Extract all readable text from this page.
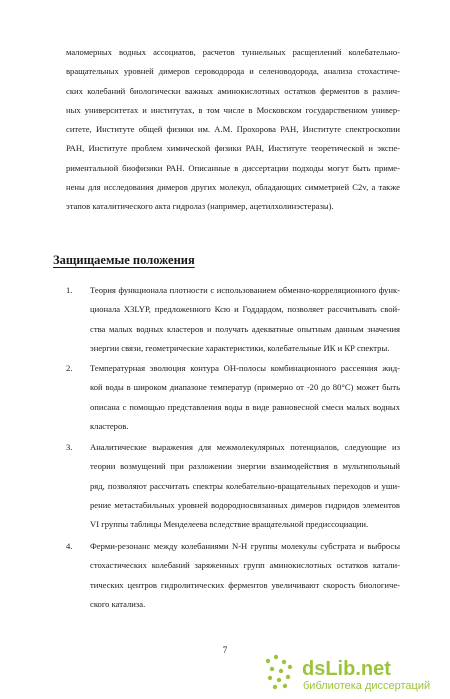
маломерных водных ассоциатов, расчетов туннельных расщеплений колебательно-
вращательных уровней димеров сероводорода и селеноводорода, анализа стохастиче-
ских колебаний биологически важных аминокислотных остатков ферментов в различ-
ных университетах и институтах, в том числе в Московском государственном универ-
ситете, Институте общей физики им. А.М. Прохорова РАН, Институте спектроскопии
РАН, Институте проблем химической физики РАН, Институте теоретической и экспе-
риментальной биофизики РАН. Описанные в диссертации подходы могут быть приме-
нены для исследования димеров других молекул, обладающих симметрией C2v, а также
этапов каталитического акта гидролаз (например, ацетилхолинэстеразы).
Защищаемые положения
1. Теория функционала плотности с использованием обменно-корреляционного функ-
ционала X3LYP, предложенного Ксю и Годдардом, позволяет рассчитывать свой-
ства малых водных кластеров и получать адекватные опытным данным значения
энергии связи, геометрические характеристики, колебательные ИК и КР спектры.
2. Температурная эволюция контура OH-полосы комбинационного рассеяния жид-
кой воды в широком диапазоне температур (примерно от -20 до 80°C) может быть
описана с помощью представления воды в виде равновесной смеси малых водных
кластеров.
3. Аналитические выражения для межмолекулярных потенциалов, следующие из
теории возмущений при разложении энергии взаимодействия в мультипольный
ряд, позволяют рассчитать спектры колебательно-вращательных переходов и уши-
рение метастабильных уровней водородносвязанных димеров гидридов элементов
VI группы таблицы Менделеева вследствие вращательной предиссоциации.
4. Ферми-резонанс между колебаниями N-H группы молекулы субстрата и выбросы
стохастических колебаний заряженных групп аминокислотных остатков катали-
тических центров гидролитических ферментов увеличивают скорость биологиче-
ского катализа.
7
dsLib.net
библиотека диссертаций
